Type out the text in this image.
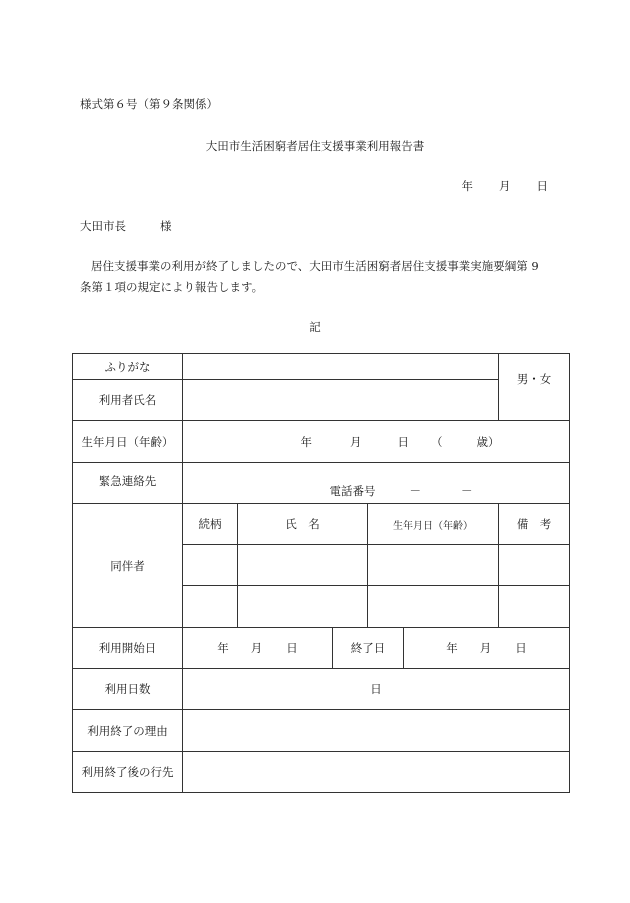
様式第６号（第９条関係）
大田市生活困窮者居住支援事業利用報告書
年 月 日
大田市長	様
居住支援事業の利用が終了しましたので、大田市生活困窮者居住支援事業実施要綱第 9 条第１項の規定により報告します。
記
ふりがな						男・女
利用者氏名						
生年月日（年齢）	年 月 日 （ 歳）					
緊急連絡先	電話番号 － －					
同伴者	続柄	氏　名		生年月日（年齢）		備　考

利用開始日	年 月 日		終了日		年 月 日	
利用日数	日					
利用終了の理由						
利用終了後の行先						
